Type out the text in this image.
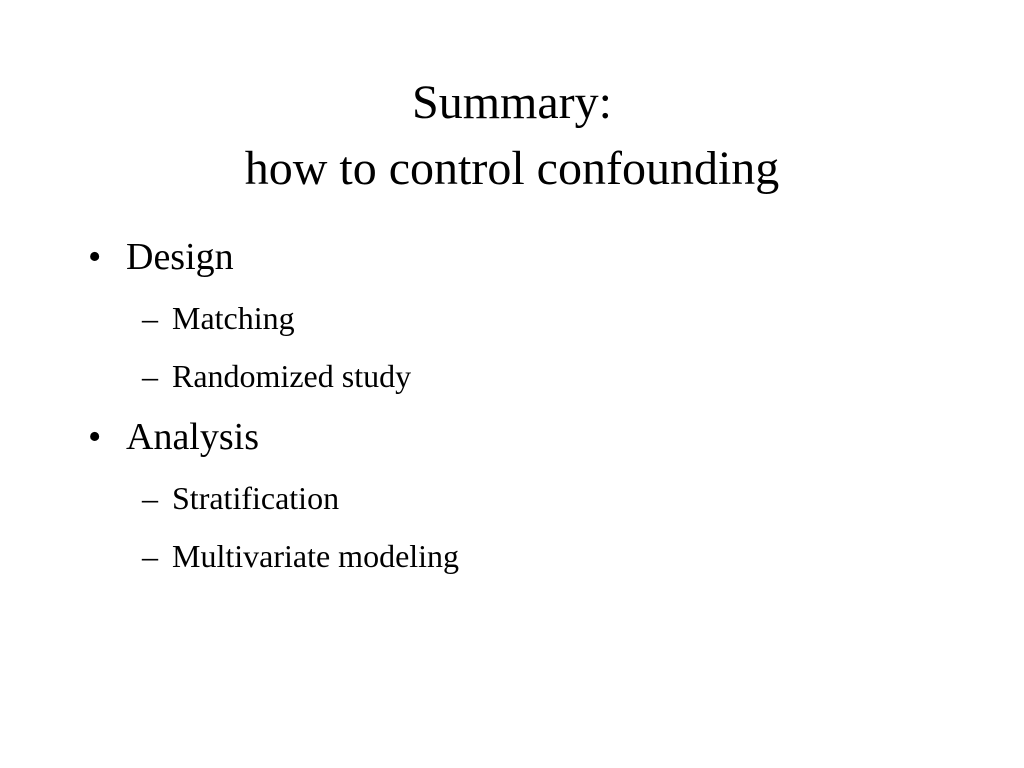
Summary:
how to control confounding
• Design
– Matching
– Randomized study
• Analysis
– Stratification
– Multivariate modeling
